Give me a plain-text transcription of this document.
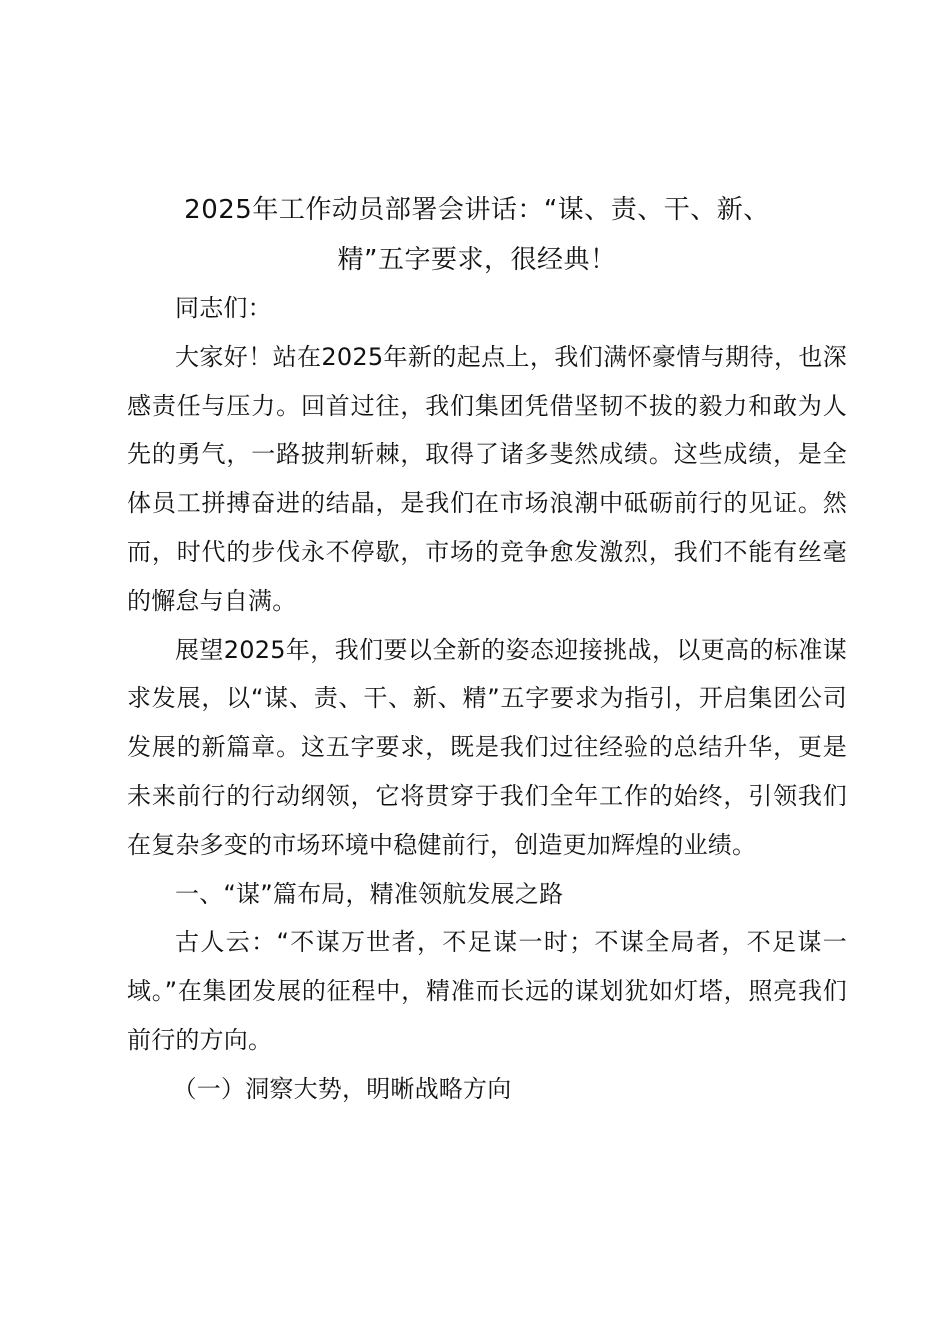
2025年工作动员部署会讲话：“谋、责、干、新、
精”五字要求，很经典！

同志们：

大家好！站在2025年新的起点上，我们满怀豪情与期待，也深感责任与压力。回首过往，我们集团凭借坚韧不拔的毅力和敢为人先的勇气，一路披荆斩棘，取得了诸多斐然成绩。这些成绩，是全体员工拼搏奋进的结晶，是我们在市场浪潮中砥砺前行的见证。然而，时代的步伐永不停歇，市场的竞争愈发激烈，我们不能有丝毫的懈怠与自满。

展望2025年，我们要以全新的姿态迎接挑战，以更高的标准谋求发展，以“谋、责、干、新、精”五字要求为指引，开启集团公司发展的新篇章。这五字要求，既是我们过往经验的总结升华，更是未来前行的行动纲领，它将贯穿于我们全年工作的始终，引领我们在复杂多变的市场环境中稳健前行，创造更加辉煌的业绩。

一、“谋”篇布局，精准领航发展之路

古人云：“不谋万世者，不足谋一时；不谋全局者，不足谋一域。”在集团发展的征程中，精准而长远的谋划犹如灯塔，照亮我们前行的方向。

（一）洞察大势，明晰战略方向
